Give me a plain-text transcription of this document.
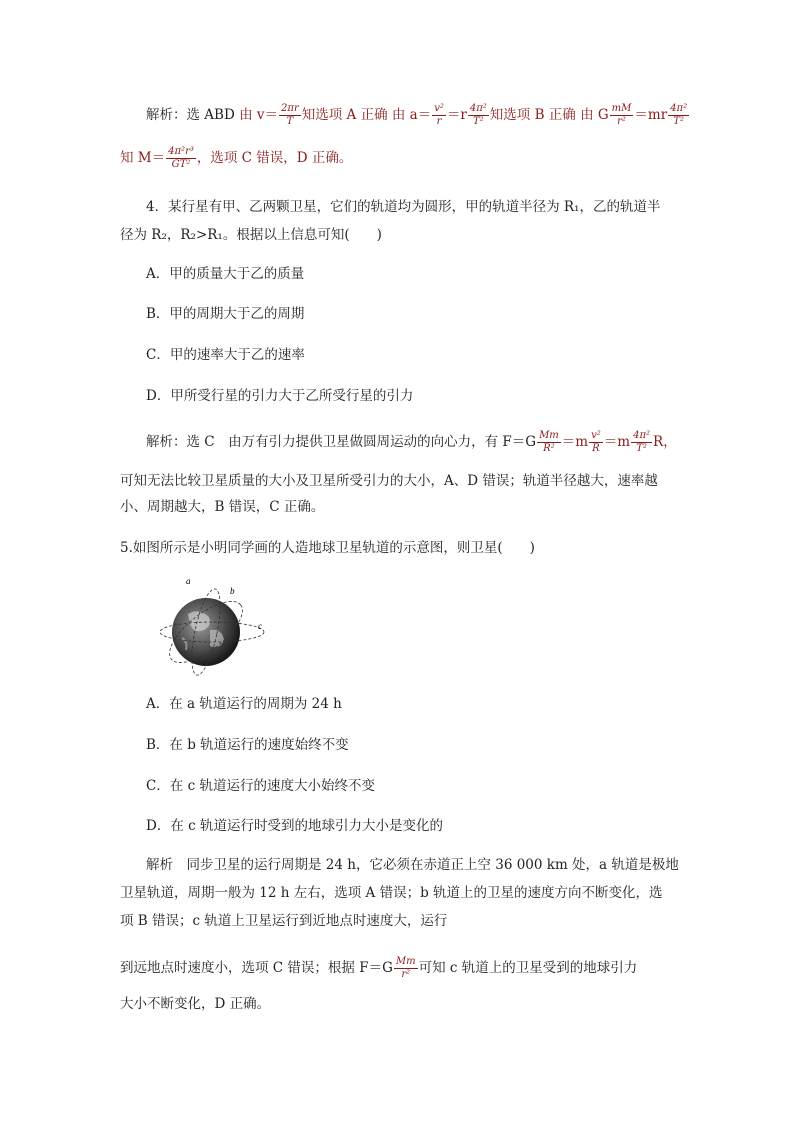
解析：选 ABD 由 $v= \frac{2\pi r}{T}$ 知选项 A 正确 由 $a= \frac{\text{v²}}{r} =r \frac{\text{4π²}}{\text{T²}}$ 知选项 B 正确 由 G $\frac{mM}{\text{r²}} =mr \frac{\text{4π²}}{\text{T²}}$
知 $M= \frac{\text{4π²r³}}{\text{GT²}}$ ，选项 C 错误，D 正确。
4．某行星有甲、乙两颗卫星，它们的轨道均为圆形，甲的轨道半径为 R₁，乙的轨道半
径为 R₂，R₂>R₁。根据以上信息可知(　　)
A．甲的质量大于乙的质量
B．甲的周期大于乙的周期
C．甲的速率大于乙的速率
D．甲所受行星的引力大于乙所受行星的引力
解析：选 C　由万有引力提供卫星做圆周运动的向心力，有 $F=G \frac{Mm}{\text{R²}} =m \frac{\text{v²}}{R} =m \frac{\text{4π²}}{\text{T²}}$ R，
可知无法比较卫星质量的大小及卫星所受引力的大小，A、D 错误；轨道半径越大，速率越
小、周期越大，B 错误，C 正确。
5.如图所示是小明同学画的人造地球卫星轨道的示意图，则卫星(　　)
a
b
c
A．在 a 轨道运行的周期为 24 h
B．在 b 轨道运行的速度始终不变
C．在 c 轨道运行的速度大小始终不变
D．在 c 轨道运行时受到的地球引力大小是变化的
解析　同步卫星的运行周期是 24 h，它必须在赤道正上空 36 000 km 处，a 轨道是极地
卫星轨道，周期一般为 12 h 左右，选项 A 错误；b 轨道上的卫星的速度方向不断变化，选
项 B 错误；c 轨道上卫星运行到近地点时速度大，运行
到远地点时速度小，选项 C 错误；根据 $F=G \frac{Mm}{\text{r²}}$ 可知 c 轨道上的卫星受到的地球引力
大小不断变化，D 正确。
